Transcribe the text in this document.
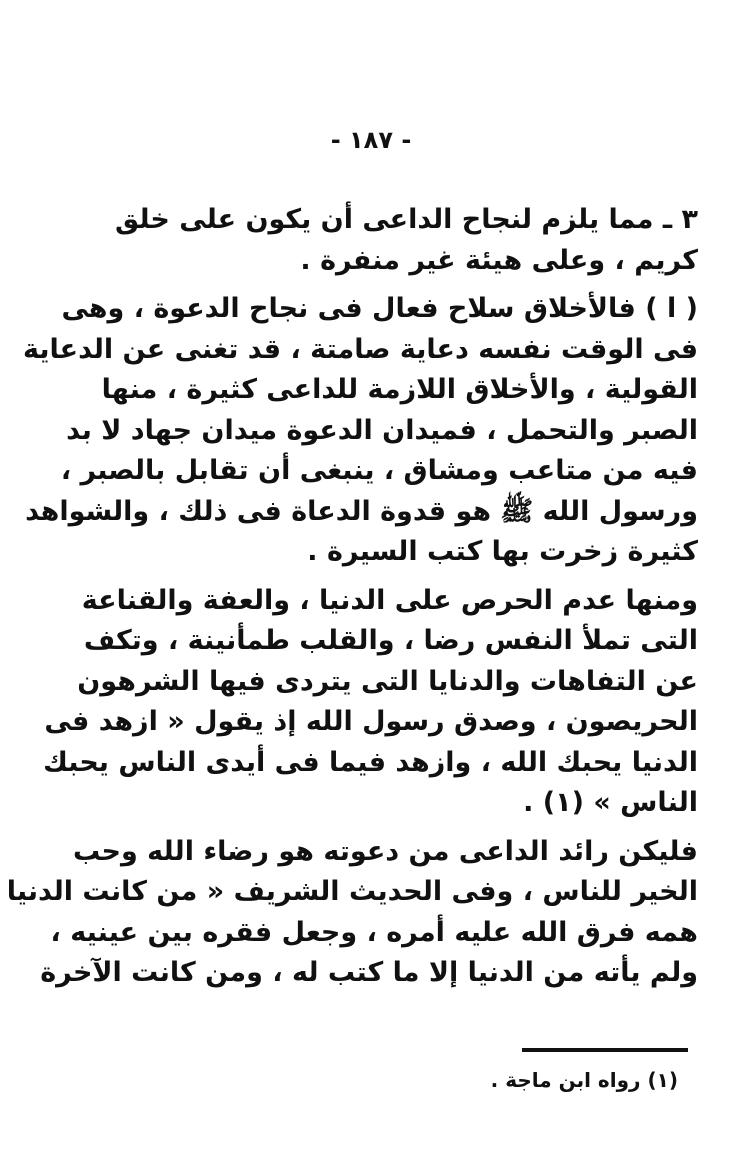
- ١٨٧ -
٣ ـ مما يلزم لنجاح الداعى أن يكون على خلق
كريم ، وعلى هيئة غير منفرة .
( ا ) فالأخلاق سلاح فعال فى نجاح الدعوة ، وهى
فى الوقت نفسه دعاية صامتة ، قد تغنى عن الدعاية
القولية ، والأخلاق اللازمة للداعى كثيرة ، منها
الصبر والتحمل ، فميدان الدعوة ميدان جهاد لا بد
فيه من متاعب ومشاق ، ينبغى أن تقابل بالصبر ،
ورسول الله ﷺ هو قدوة الدعاة فى ذلك ، والشواهد
كثيرة زخرت بها كتب السيرة .
ومنها عدم الحرص على الدنيا ، والعفة والقناعة
التى تملأ النفس رضا ، والقلب طمأنينة ، وتكف
عن التفاهات والدنايا التى يتردى فيها الشرهون
الحريصون ، وصدق رسول الله إذ يقول « ازهد فى
الدنيا يحبك الله ، وازهد فيما فى أيدى الناس يحبك
الناس » (١) .
فليكن رائد الداعى من دعوته هو رضاء الله وحب
الخير للناس ، وفى الحديث الشريف « من كانت الدنيا
همه فرق الله عليه أمره ، وجعل فقره بين عينيه ،
ولم يأته من الدنيا إلا ما كتب له ، ومن كانت الآخرة
(١) رواه ابن ماجة .
